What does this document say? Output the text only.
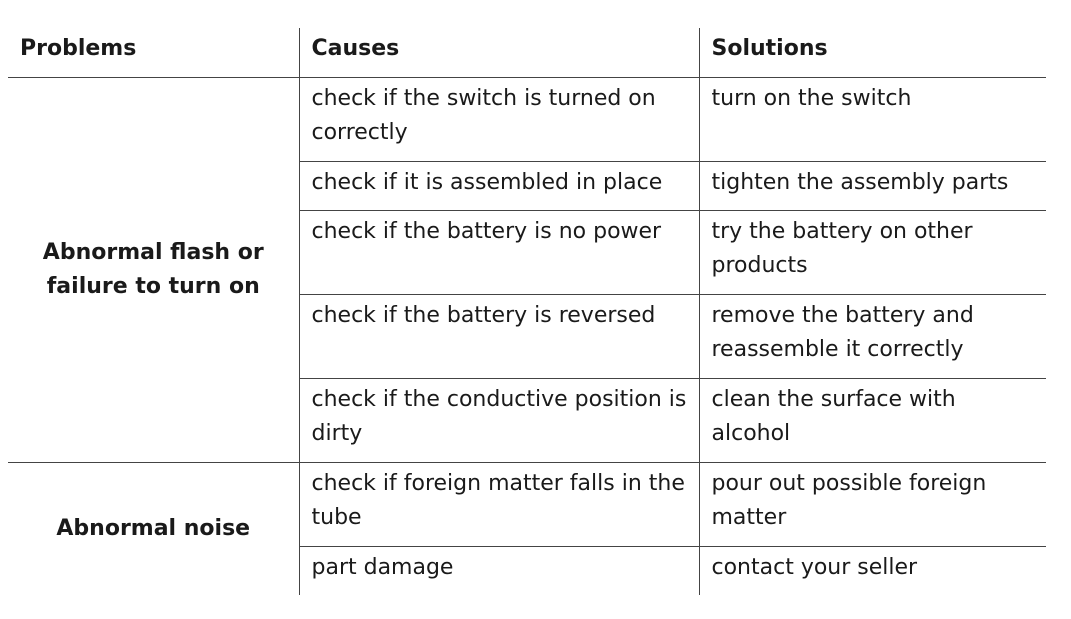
Problems	Causes	Solutions
Abnormal flash or failure to turn on	check if the switch is turned on correctly	turn on the switch
	check if it is assembled in place	tighten the assembly parts
	check if the battery is no power	try the battery on other products
	check if the battery is reversed	remove the battery and reassemble it correctly
	check if the conductive position is dirty	clean the surface with alcohol
Abnormal noise	check if foreign matter falls in the tube	pour out possible foreign matter
	part damage	contact your seller
